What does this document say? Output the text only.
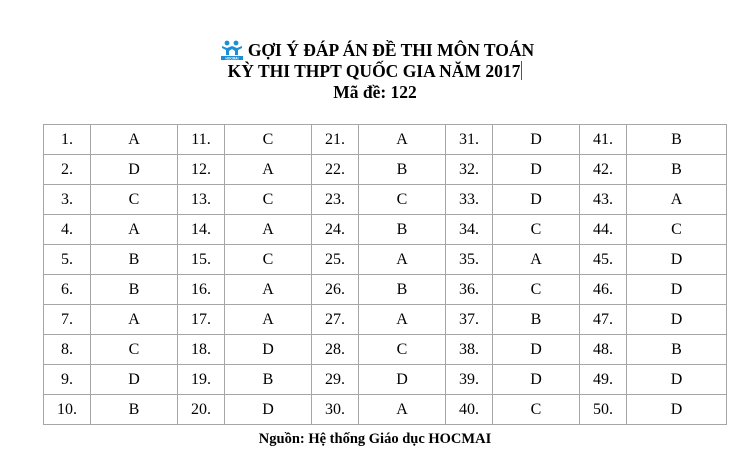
HOCMAI GỢI Ý ĐÁP ÁN ĐỀ THI MÔN TOÁN
KỲ THI THPT QUỐC GIA NĂM 2017
Mã đề: 122
1.	A	11.	C	21.	A	31.	D	41.	B
2.	D	12.	A	22.	B	32.	D	42.	B
3.	C	13.	C	23.	C	33.	D	43.	A
4.	A	14.	A	24.	B	34.	C	44.	C
5.	B	15.	C	25.	A	35.	A	45.	D
6.	B	16.	A	26.	B	36.	C	46.	D
7.	A	17.	A	27.	A	37.	B	47.	D
8.	C	18.	D	28.	C	38.	D	48.	B
9.	D	19.	B	29.	D	39.	D	49.	D
10.	B	20.	D	30.	A	40.	C	50.	D
Nguồn: Hệ thống Giáo dục HOCMAI
